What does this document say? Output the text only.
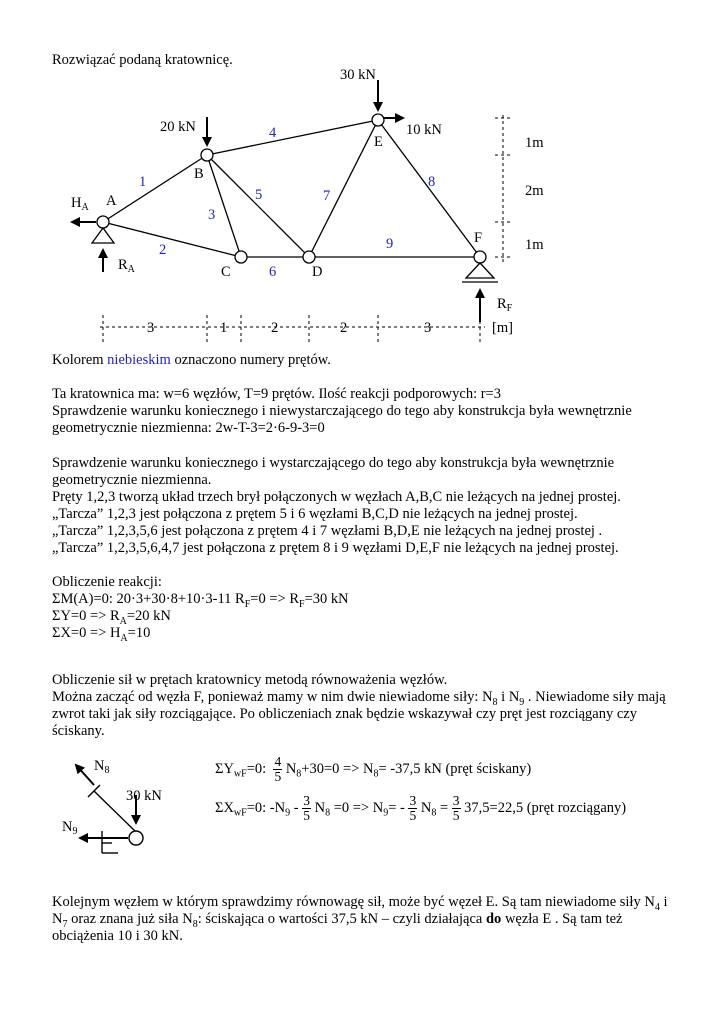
Rozwiązać podaną kratownicę.
30 kN
20 kN	10 kN
A
B
C	D
E
F
1
2
3
4
5
6
7
8
9
$H_A$
$R_A$
$R_F$
1m
2m
1m
3	1	2	2	3	[m]
Kolorem niebieskim oznaczono numery prętów.
Ta kratownica ma: w=6 węzłów, T=9 prętów. Ilość reakcji podporowych: r=3
Sprawdzenie warunku koniecznego i niewystarczającego do tego aby konstrukcja była wewnętrznie
geometrycznie niezmienna: 2w-T-3=2·6-9-3=0
Sprawdzenie warunku koniecznego i wystarczającego do tego aby konstrukcja była wewnętrznie
geometrycznie niezmienna.
Pręty 1,2,3 tworzą układ trzech brył połączonych w węzłach A,B,C nie leżących na jednej prostej.
„Tarcza” 1,2,3 jest połączona z prętem 5 i 6 węzłami B,C,D nie leżących na jednej prostej.
„Tarcza” 1,2,3,5,6 jest połączona z prętem 4 i 7 węzłami B,D,E nie leżących na jednej prostej .
„Tarcza” 1,2,3,5,6,4,7 jest połączona z prętem 8 i 9 węzłami D,E,F nie leżących na jednej prostej.
Obliczenie reakcji:
ΣM(A)=0: 20·3+30·8+10·3-11 $R_F=0 => R_F=30$ kN
$\Sigma Y=0 => R_A=20$ kN
$\Sigma X=0 => H_A=10$
Obliczenie sił w prętach kratownicy metodą równoważenia węzłów.
Można zacząć od węzła F, ponieważ mamy w nim dwie niewiadome siły: $N_8$ i $N_9$ . Niewiadome siły mają
zwrot taki jak siły rozciągające. Po obliczeniach znak będzie wskazywał czy pręt jest rozciągany czy
ściskany.
$N_8$
30 kN
$N_9$
$\Sigma Y_{wF}=0$: $\frac{4}{5} N_8+30=0 => N_8= -37,5$ kN (pręt ściskany)
$\Sigma X_{wF}=0$: $-N_9 - \frac{3}{5} N_8 =0 => N_9= - \frac{3}{5} N_8 = \frac{3}{5} 37,5=22,5$ (pręt rozciągany)
Kolejnym węzłem w którym sprawdzimy równowagę sił, może być węzeł E. Są tam niewiadome siły $N_4$ i
$N_7$ oraz znana już siła $N_8$: ściskająca o wartości 37,5 kN – czyli działająca do węzła E . Są tam też
obciążenia 10 i 30 kN.
